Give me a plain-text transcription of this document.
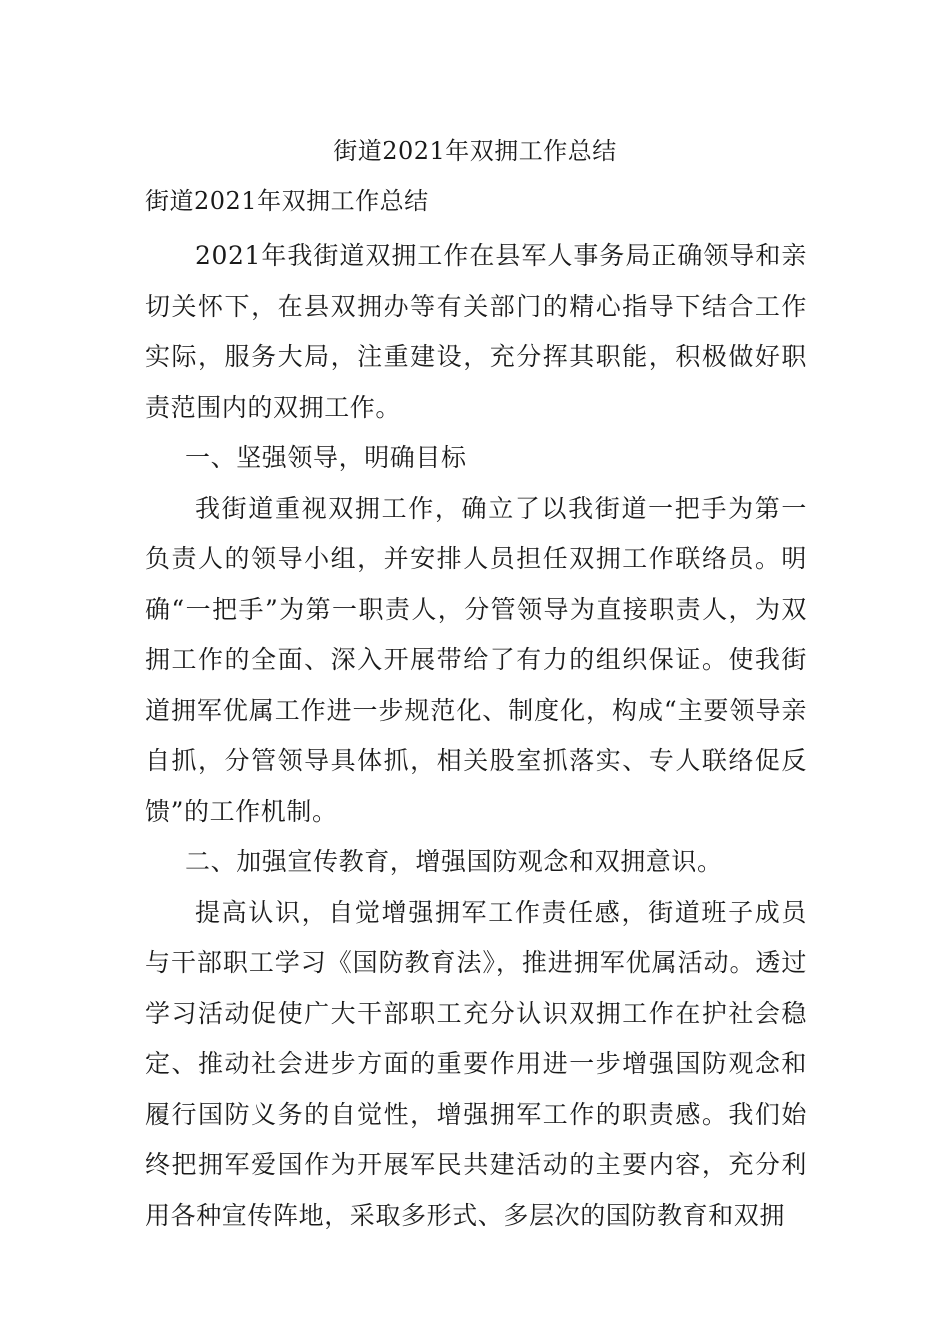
街道2021年双拥工作总结
街道2021年双拥工作总结

2021年我街道双拥工作在县军人事务局正确领导和亲切关怀下，在县双拥办等有关部门的精心指导下结合工作实际，服务大局，注重建设，充分挥其职能，积极做好职责范围内的双拥工作。

一、坚强领导，明确目标

我街道重视双拥工作，确立了以我街道一把手为第一负责人的领导小组，并安排人员担任双拥工作联络员。明确“一把手”为第一职责人，分管领导为直接职责人，为双拥工作的全面、深入开展带给了有力的组织保证。使我街道拥军优属工作进一步规范化、制度化，构成“主要领导亲自抓，分管领导具体抓，相关股室抓落实、专人联络促反馈”的工作机制。

二、加强宣传教育，增强国防观念和双拥意识。

提高认识，自觉增强拥军工作责任感，街道班子成员与干部职工学习《国防教育法》，推进拥军优属活动。透过学习活动促使广大干部职工充分认识双拥工作在护社会稳定、推动社会进步方面的重要作用进一步增强国防观念和履行国防义务的自觉性，增强拥军工作的职责感。我们始终把拥军爱国作为开展军民共建活动的主要内容，充分利用各种宣传阵地，采取多形式、多层次的国防教育和双拥
